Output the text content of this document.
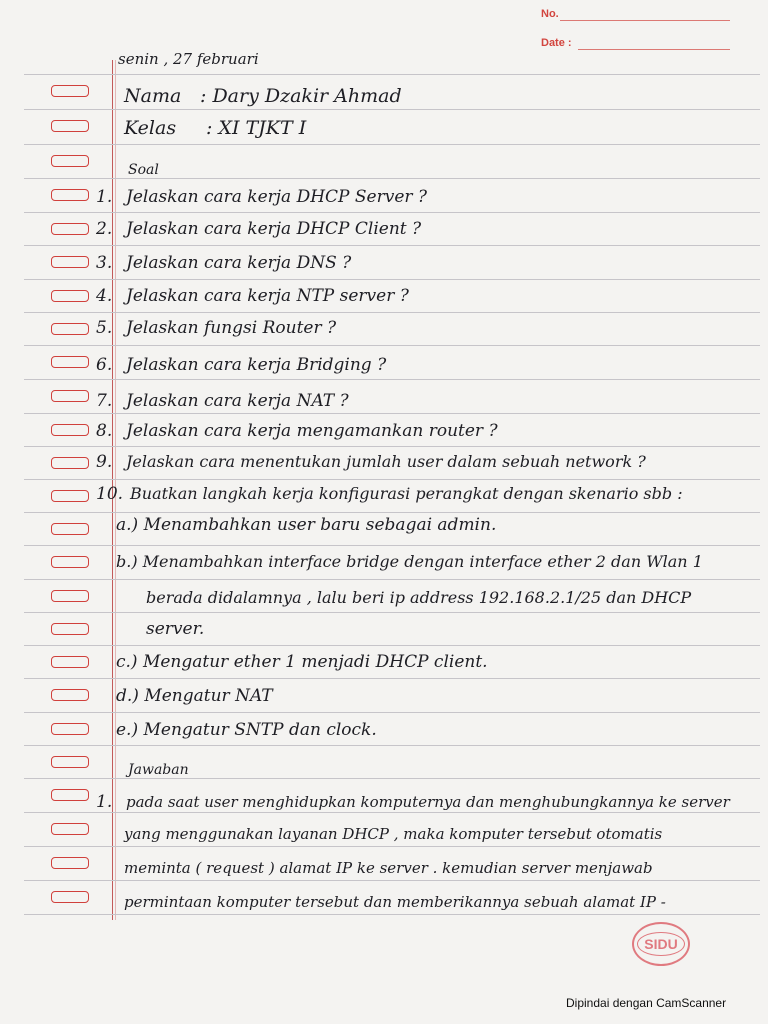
No.
Date :
senin , 27 februari
Nama : Dary Dzakir Ahmad
Kelas : XI TJKT I
Soal
1. Jelaskan cara kerja DHCP Server ?
2. Jelaskan cara kerja DHCP Client ?
3. Jelaskan cara kerja DNS ?
4. Jelaskan cara kerja NTP server ?
5. Jelaskan fungsi Router ?
6. Jelaskan cara kerja Bridging ?
7. Jelaskan cara kerja NAT ?
8. Jelaskan cara kerja mengamankan router ?
9. Jelaskan cara menentukan jumlah user dalam sebuah network ?
10. Buatkan langkah kerja konfigurasi perangkat dengan skenario sbb :
a.) Menambahkan user baru sebagai admin.
b.) Menambahkan interface bridge dengan interface ether 2 dan Wlan 1
berada didalamnya , lalu beri ip address 192.168.2.1/25 dan DHCP
server.
c.) Mengatur ether 1 menjadi DHCP client.
d.) Mengatur NAT
e.) Mengatur SNTP dan clock.
Jawaban
1. pada saat user menghidupkan komputernya dan menghubungkannya ke server
yang menggunakan layanan DHCP , maka komputer tersebut otomatis
meminta ( request ) alamat IP ke server . kemudian server menjawab
permintaan komputer tersebut dan memberikannya sebuah alamat IP -
SIDU
Dipindai dengan CamScanner
